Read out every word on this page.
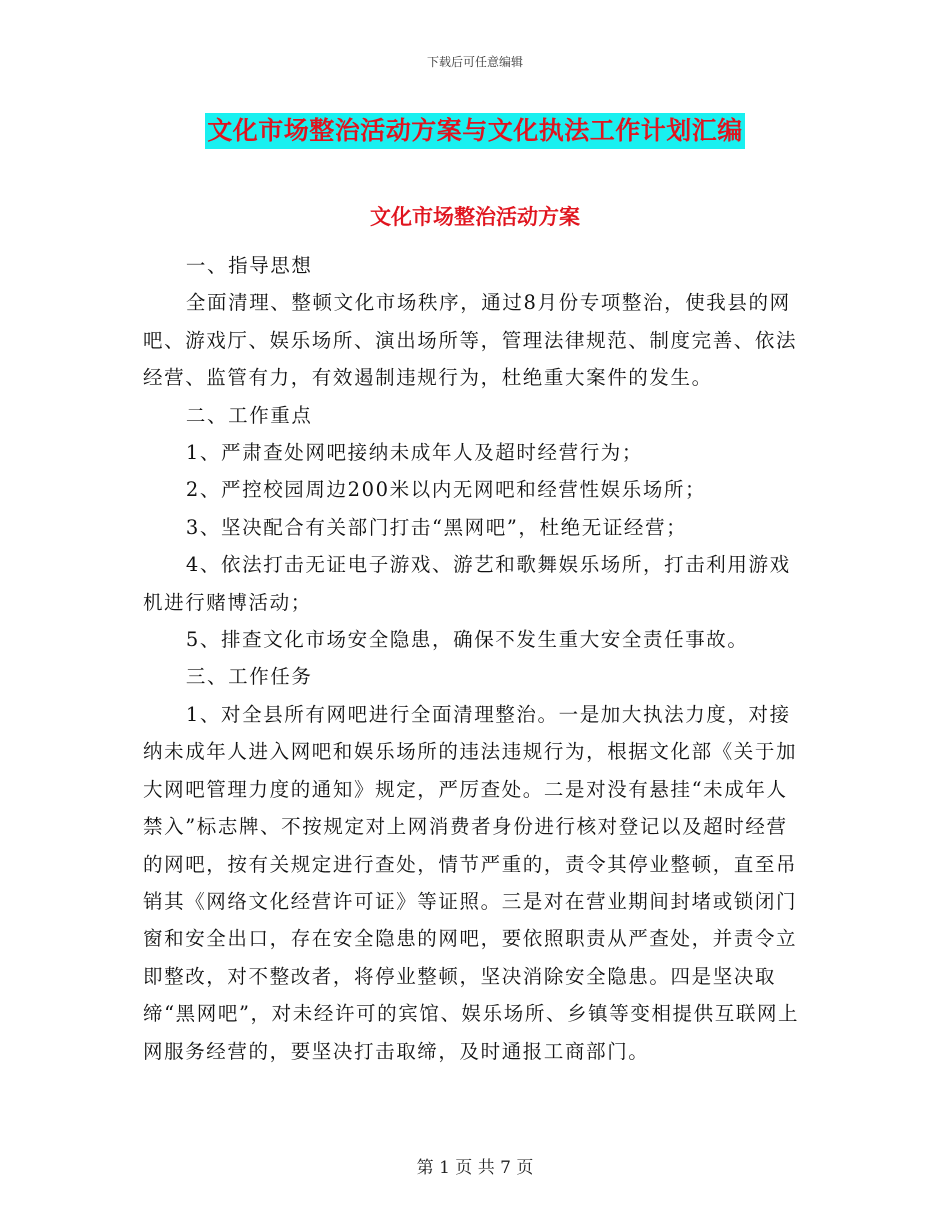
下载后可任意编辑
文化市场整治活动方案与文化执法工作计划汇编
文化市场整治活动方案

一、指导思想

全面清理、整顿文化市场秩序，通过8月份专项整治，使我县的网吧、游戏厅、娱乐场所、演出场所等，管理法律规范、制度完善、依法经营、监管有力，有效遏制违规行为，杜绝重大案件的发生。

二、工作重点

1、严肃查处网吧接纳未成年人及超时经营行为；

2、严控校园周边200米以内无网吧和经营性娱乐场所；

3、坚决配合有关部门打击“黑网吧”，杜绝无证经营；

4、依法打击无证电子游戏、游艺和歌舞娱乐场所，打击利用游戏机进行赌博活动；

5、排查文化市场安全隐患，确保不发生重大安全责任事故。

三、工作任务

1、对全县所有网吧进行全面清理整治。一是加大执法力度，对接纳未成年人进入网吧和娱乐场所的违法违规行为，根据文化部《关于加大网吧管理力度的通知》规定，严厉查处。二是对没有悬挂“未成年人禁入”标志牌、不按规定对上网消费者身份进行核对登记以及超时经营的网吧，按有关规定进行查处，情节严重的，责令其停业整顿，直至吊销其《网络文化经营许可证》等证照。三是对在营业期间封堵或锁闭门窗和安全出口，存在安全隐患的网吧，要依照职责从严查处，并责令立即整改，对不整改者，将停业整顿，坚决消除安全隐患。四是坚决取缔“黑网吧”，对未经许可的宾馆、娱乐场所、乡镇等变相提供互联网上网服务经营的，要坚决打击取缔，及时通报工商部门。

第 1 页 共 7 页
